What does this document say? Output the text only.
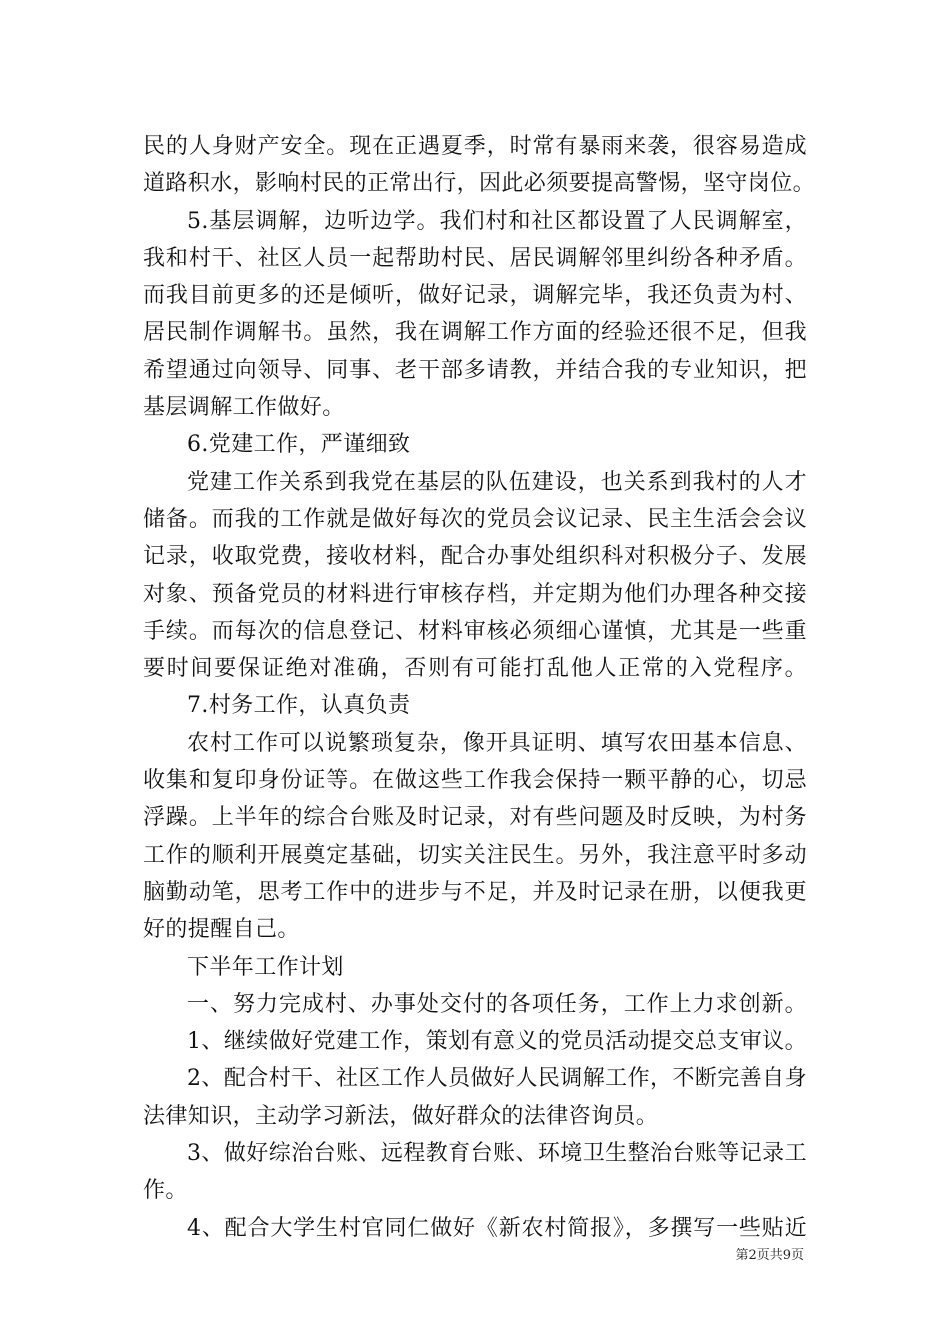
民的人身财产安全。现在正遇夏季，时常有暴雨来袭，很容易造成
道路积水，影响村民的正常出行，因此必须要提高警惕，坚守岗位。
5.基层调解，边听边学。我们村和社区都设置了人民调解室，
我和村干、社区人员一起帮助村民、居民调解邻里纠纷各种矛盾。
而我目前更多的还是倾听，做好记录，调解完毕，我还负责为村、
居民制作调解书。虽然，我在调解工作方面的经验还很不足，但我
希望通过向领导、同事、老干部多请教，并结合我的专业知识，把
基层调解工作做好。
6.党建工作，严谨细致
党建工作关系到我党在基层的队伍建设，也关系到我村的人才
储备。而我的工作就是做好每次的党员会议记录、民主生活会会议
记录，收取党费，接收材料，配合办事处组织科对积极分子、发展
对象、预备党员的材料进行审核存档，并定期为他们办理各种交接
手续。而每次的信息登记、材料审核必须细心谨慎，尤其是一些重
要时间要保证绝对准确，否则有可能打乱他人正常的入党程序。
7.村务工作，认真负责
农村工作可以说繁琐复杂，像开具证明、填写农田基本信息、
收集和复印身份证等。在做这些工作我会保持一颗平静的心，切忌
浮躁。上半年的综合台账及时记录，对有些问题及时反映，为村务
工作的顺利开展奠定基础，切实关注民生。另外，我注意平时多动
脑勤动笔，思考工作中的进步与不足，并及时记录在册，以便我更
好的提醒自己。
下半年工作计划
一、努力完成村、办事处交付的各项任务，工作上力求创新。
1、继续做好党建工作，策划有意义的党员活动提交总支审议。
2、配合村干、社区工作人员做好人民调解工作，不断完善自身
法律知识，主动学习新法，做好群众的法律咨询员。
3、做好综治台账、远程教育台账、环境卫生整治台账等记录工
作。
4、配合大学生村官同仁做好《新农村简报》，多撰写一些贴近
第2页共9页
